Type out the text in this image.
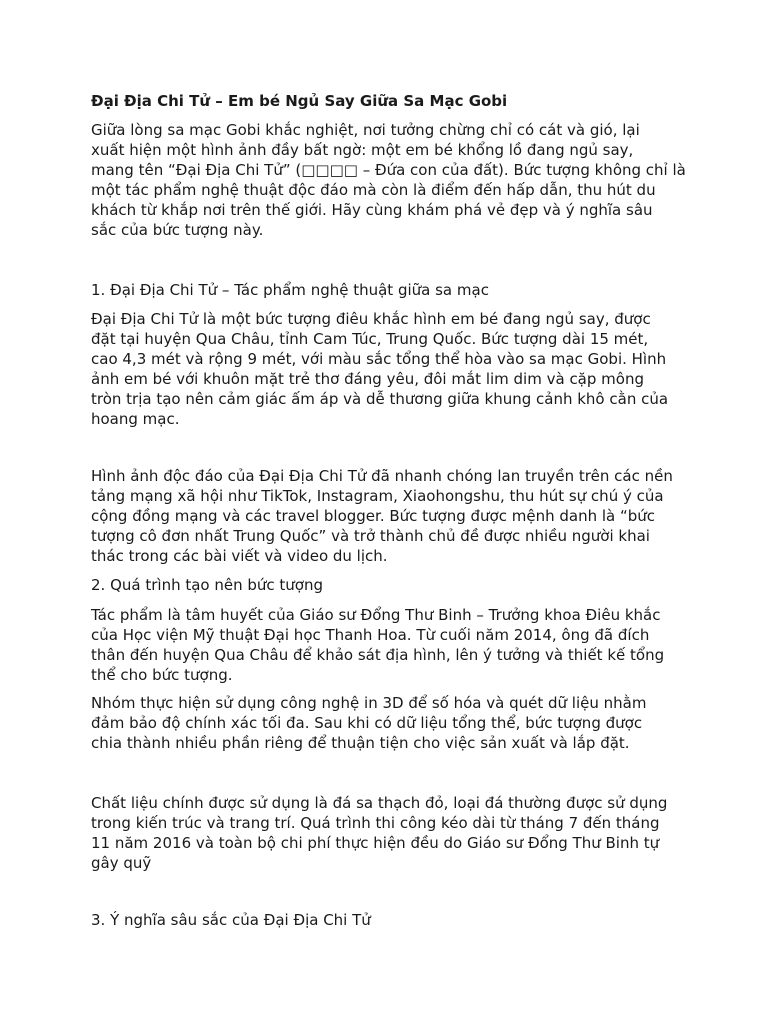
Đại Địa Chi Tử – Em bé Ngủ Say Giữa Sa Mạc Gobi
Giữa lòng sa mạc Gobi khắc nghiệt, nơi tưởng chừng chỉ có cát và gió, lại
xuất hiện một hình ảnh đầy bất ngờ: một em bé khổng lồ đang ngủ say,
mang tên “Đại Địa Chi Tử” (□□□□ – Đứa con của đất). Bức tượng không chỉ là
một tác phẩm nghệ thuật độc đáo mà còn là điểm đến hấp dẫn, thu hút du
khách từ khắp nơi trên thế giới. Hãy cùng khám phá vẻ đẹp và ý nghĩa sâu
sắc của bức tượng này.
1. Đại Địa Chi Tử – Tác phẩm nghệ thuật giữa sa mạc
Đại Địa Chi Tử là một bức tượng điêu khắc hình em bé đang ngủ say, được
đặt tại huyện Qua Châu, tỉnh Cam Túc, Trung Quốc. Bức tượng dài 15 mét,
cao 4,3 mét và rộng 9 mét, với màu sắc tổng thể hòa vào sa mạc Gobi. Hình
ảnh em bé với khuôn mặt trẻ thơ đáng yêu, đôi mắt lim dim và cặp mông
tròn trịa tạo nên cảm giác ấm áp và dễ thương giữa khung cảnh khô cằn của
hoang mạc.
Hình ảnh độc đáo của Đại Địa Chi Tử đã nhanh chóng lan truyền trên các nền
tảng mạng xã hội như TikTok, Instagram, Xiaohongshu, thu hút sự chú ý của
cộng đồng mạng và các travel blogger. Bức tượng được mệnh danh là “bức
tượng cô đơn nhất Trung Quốc” và trở thành chủ đề được nhiều người khai
thác trong các bài viết và video du lịch.
2. Quá trình tạo nên bức tượng
Tác phẩm là tâm huyết của Giáo sư Đổng Thư Binh – Trưởng khoa Điêu khắc
của Học viện Mỹ thuật Đại học Thanh Hoa. Từ cuối năm 2014, ông đã đích
thân đến huyện Qua Châu để khảo sát địa hình, lên ý tưởng và thiết kế tổng
thể cho bức tượng.
Nhóm thực hiện sử dụng công nghệ in 3D để số hóa và quét dữ liệu nhằm
đảm bảo độ chính xác tối đa. Sau khi có dữ liệu tổng thể, bức tượng được
chia thành nhiều phần riêng để thuận tiện cho việc sản xuất và lắp đặt.
Chất liệu chính được sử dụng là đá sa thạch đỏ, loại đá thường được sử dụng
trong kiến trúc và trang trí. Quá trình thi công kéo dài từ tháng 7 đến tháng
11 năm 2016 và toàn bộ chi phí thực hiện đều do Giáo sư Đổng Thư Binh tự
gây quỹ
3. Ý nghĩa sâu sắc của Đại Địa Chi Tử
